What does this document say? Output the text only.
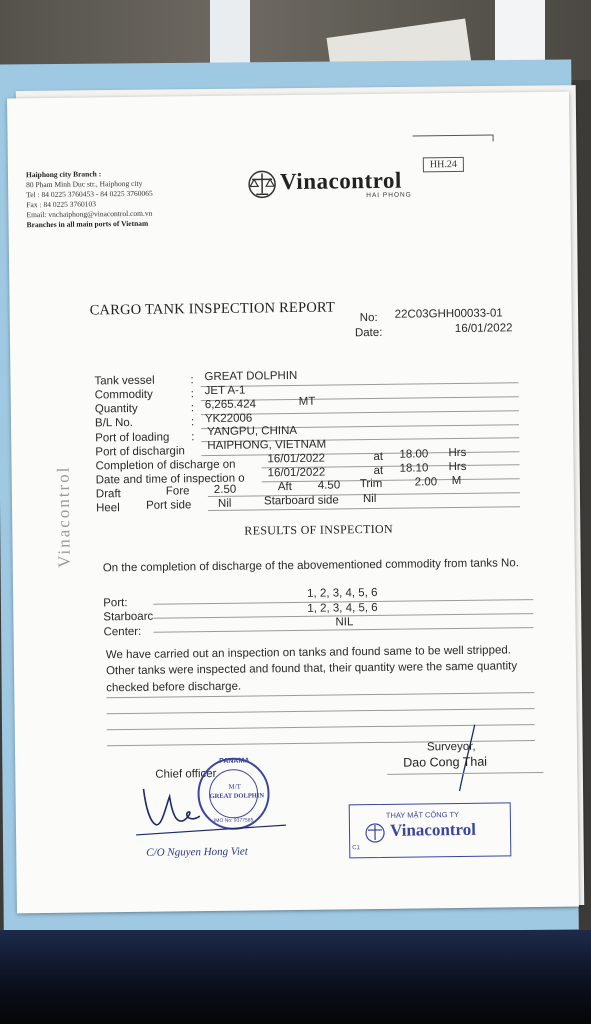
Haiphong city Branch :
80 Pham Minh Duc str., Haiphong city
Tel : 84 0225 3760453 - 84 0225 3760065
Fax : 84 0225 3760103
Email: vnchaiphong@vinacontrol.com.vn
Branches in all main ports of Vietnam
Vinacontrol
HAI PHONG
HH.24
CARGO TANK INSPECTION REPORT No: 22C03GHH00033-01
Date:	16/01/2022
Tank vessel	: GREAT DOLPHIN
Commodity	: JET A-1
Quantity	: 6,265.424	MT
B/L No.	: YK22006
Port of loading : YANGPU, CHINA
Port of dischargin HAIPHONG, VIETNAM
Completion of discharge on	16/01/2022	at 18.00 Hrs
Date and time of inspection o 16/01/2022	at 18.10 Hrs
Draft	Fore 2.50	Aft 4.50 Trim	2.00 M
Heel Port side Nil	Starboard side Nil
RESULTS OF INSPECTION
Vinacontrol	On the completion of discharge of the abovementioned commodity from tanks No.
Port:
1, 2, 3, 4, 5, 6
Starboarc
1, 2, 3, 4, 5, 6
Center:
NIL
We have carried out an inspection on tanks and found same to be well stripped.
Other tanks were inspected and found that, their quantity were the same quantity
checked before discharge.
Chief officer
PANAMA
M/T
GREAT DOLPHIN
IMO No: 9377585
C/O Nguyen Hong Viet
Surveyor,
Dao Cong Thai
THAY MẶT CÔNG TY
Vinacontrol
C1
